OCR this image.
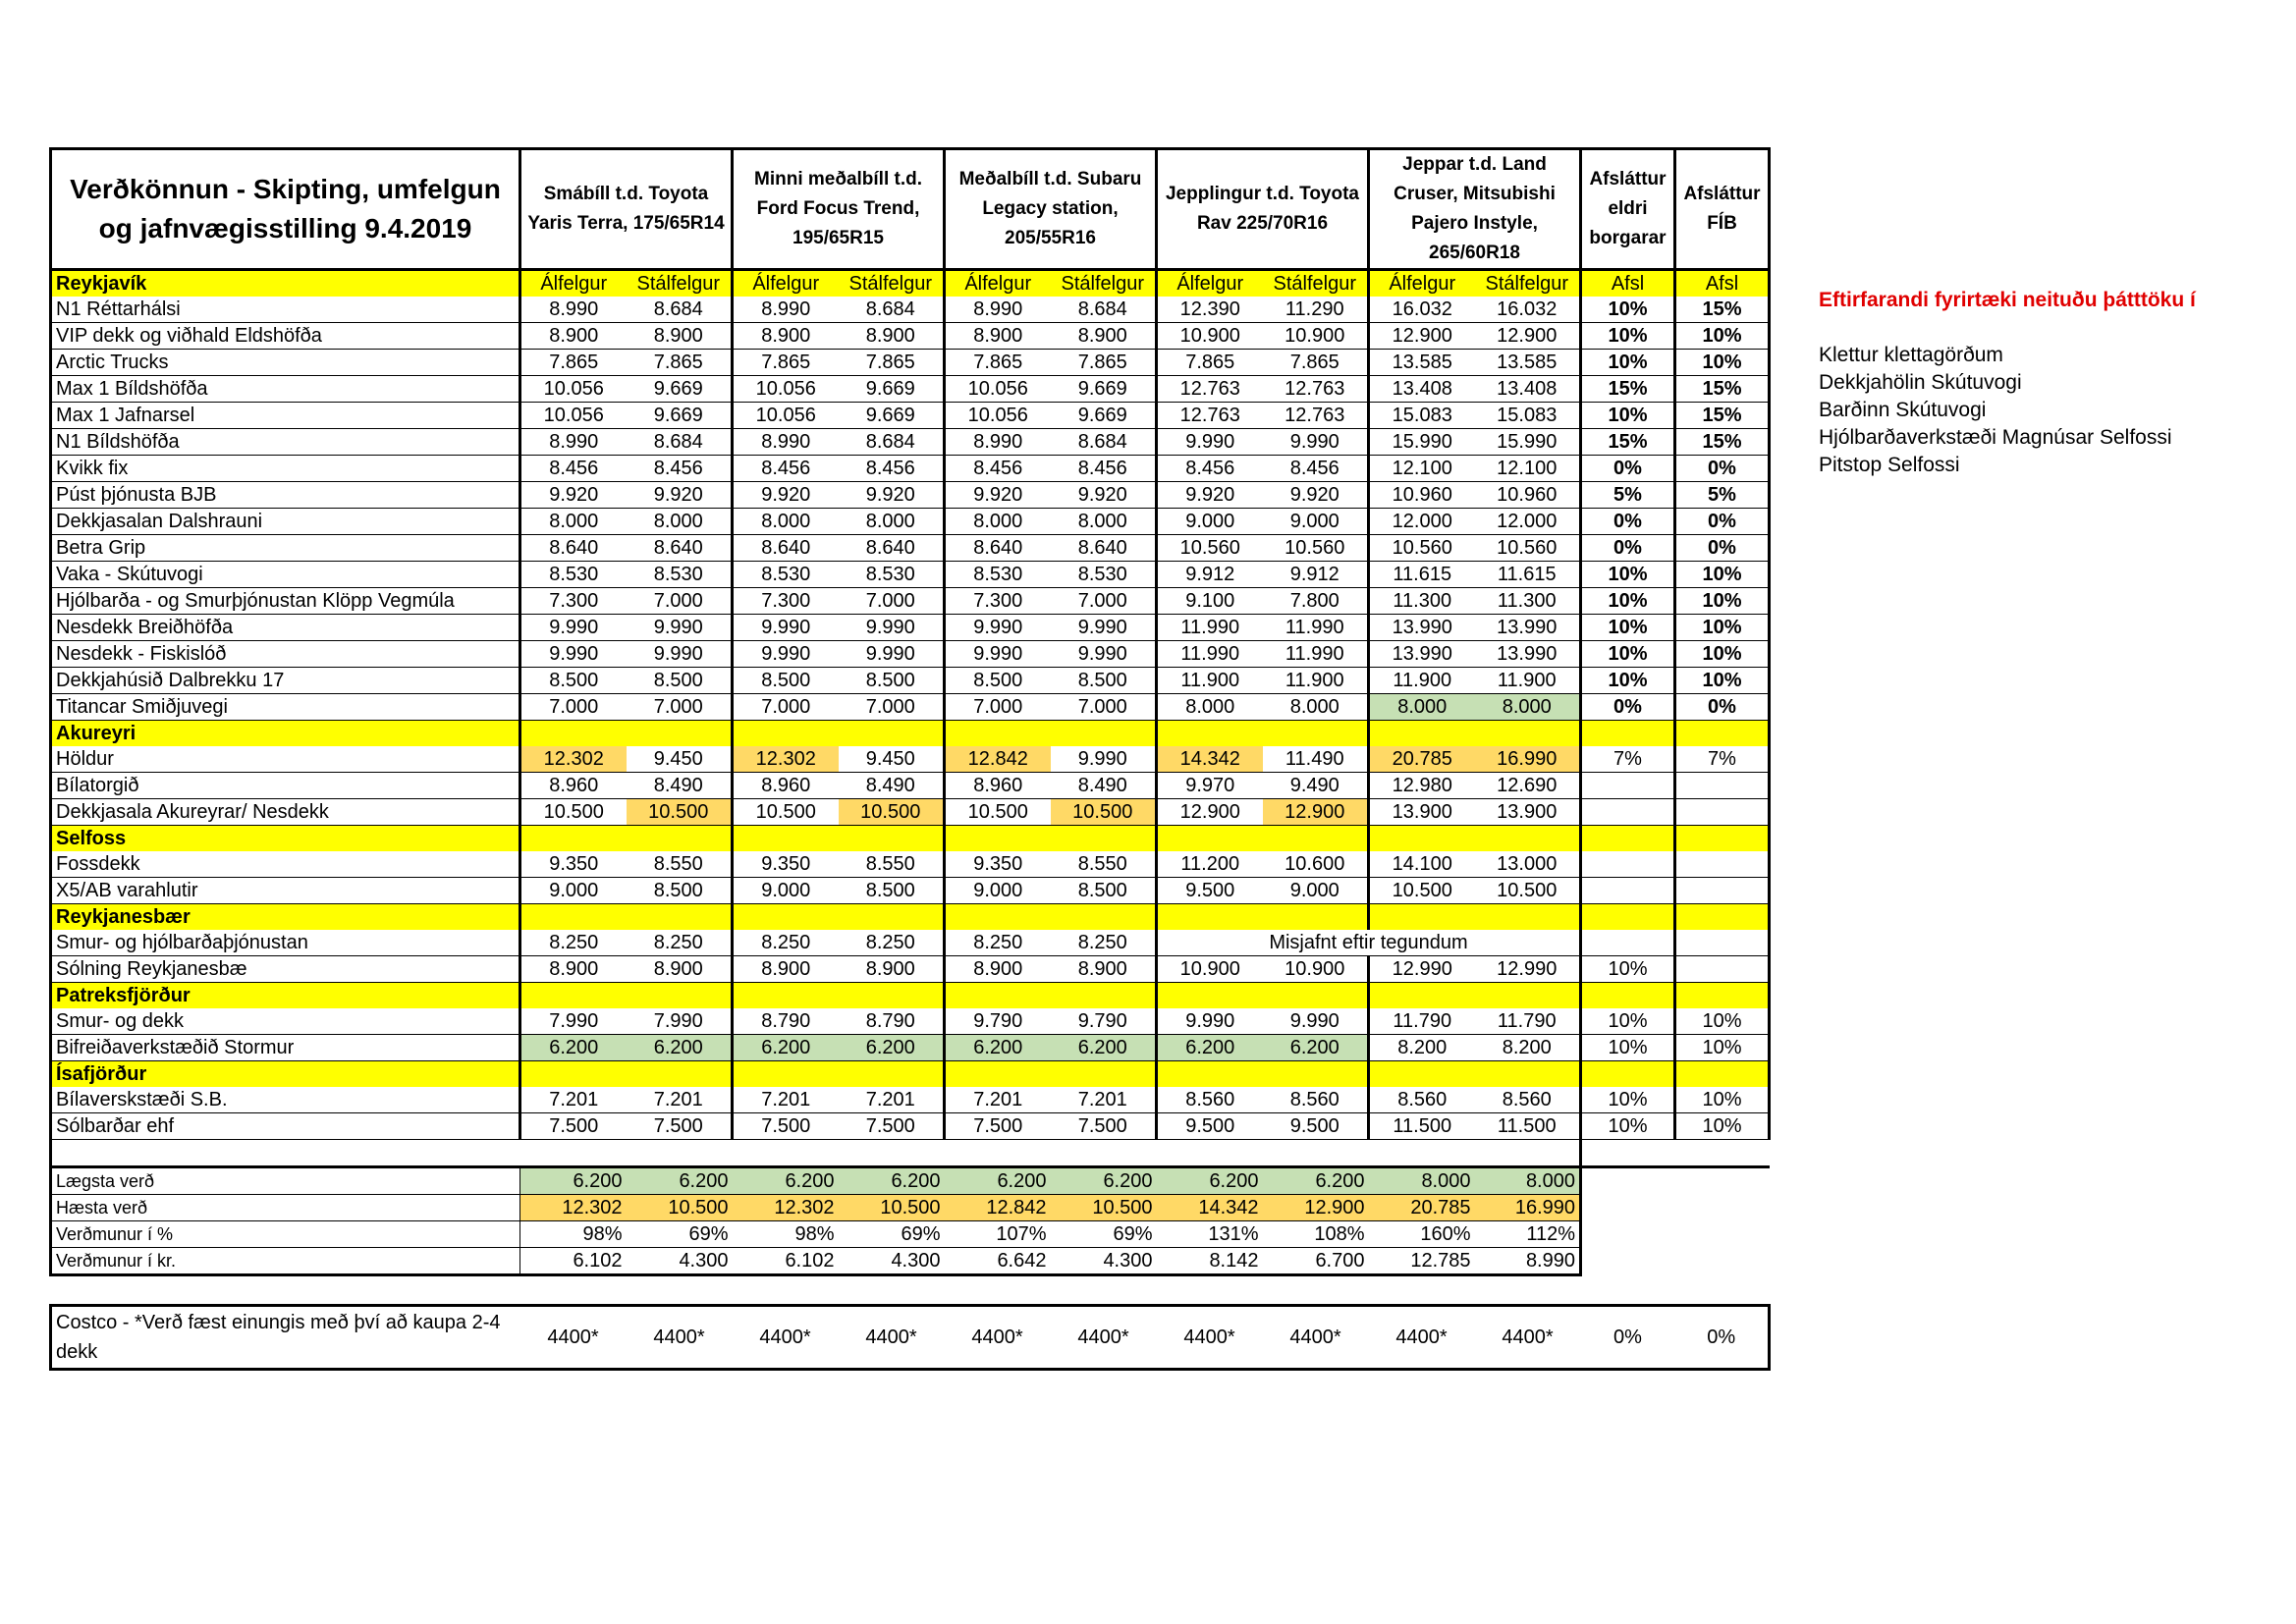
Verðkönnun - Skipting, umfelgun og jafnvægisstilling 9.4.2019	Smábíll t.d. Toyota Yaris Terra, 175/65R14		Minni meðalbíll t.d. Ford Focus Trend, 195/65R15		Meðalbíll t.d. Subaru Legacy station, 205/55R16		Jepplingur t.d. Toyota Rav 225/70R16		Jeppar t.d. Land Cruser, Mitsubishi Pajero Instyle, 265/60R18		Afsláttur eldri borgarar	Afsláttur FÍB
Reykjavík	Álfelgur	Stálfelgur	Álfelgur	Stálfelgur	Álfelgur	Stálfelgur	Álfelgur	Stálfelgur	Álfelgur	Stálfelgur	Afsl	Afsl
N1 Réttarhálsi	8.990	8.684	8.990	8.684	8.990	8.684	12.390	11.290	16.032	16.032	10%	15%
VIP dekk og viðhald Eldshöfða	8.900	8.900	8.900	8.900	8.900	8.900	10.900	10.900	12.900	12.900	10%	10%
Arctic Trucks	7.865	7.865	7.865	7.865	7.865	7.865	7.865	7.865	13.585	13.585	10%	10%
Max 1 Bíldshöfða	10.056	9.669	10.056	9.669	10.056	9.669	12.763	12.763	13.408	13.408	15%	15%
Max 1 Jafnarsel	10.056	9.669	10.056	9.669	10.056	9.669	12.763	12.763	15.083	15.083	10%	15%
N1 Bíldshöfða	8.990	8.684	8.990	8.684	8.990	8.684	9.990	9.990	15.990	15.990	15%	15%
Kvikk fix	8.456	8.456	8.456	8.456	8.456	8.456	8.456	8.456	12.100	12.100	0%	0%
Púst þjónusta BJB	9.920	9.920	9.920	9.920	9.920	9.920	9.920	9.920	10.960	10.960	5%	5%
Dekkjasalan Dalshrauni	8.000	8.000	8.000	8.000	8.000	8.000	9.000	9.000	12.000	12.000	0%	0%
Betra Grip	8.640	8.640	8.640	8.640	8.640	8.640	10.560	10.560	10.560	10.560	0%	0%
Vaka - Skútuvogi	8.530	8.530	8.530	8.530	8.530	8.530	9.912	9.912	11.615	11.615	10%	10%
Hjólbarða - og Smurþjónustan Klöpp Vegmúla	7.300	7.000	7.300	7.000	7.300	7.000	9.100	7.800	11.300	11.300	10%	10%
Nesdekk Breiðhöfða	9.990	9.990	9.990	9.990	9.990	9.990	11.990	11.990	13.990	13.990	10%	10%
Nesdekk - Fiskislóð	9.990	9.990	9.990	9.990	9.990	9.990	11.990	11.990	13.990	13.990	10%	10%
Dekkjahúsið Dalbrekku 17	8.500	8.500	8.500	8.500	8.500	8.500	11.900	11.900	11.900	11.900	10%	10%
Titancar Smiðjuvegi	7.000	7.000	7.000	7.000	7.000	7.000	8.000	8.000	8.000	8.000	0%	0%
Akureyri												
Höldur	12.302	9.450	12.302	9.450	12.842	9.990	14.342	11.490	20.785	16.990	7%	7%
Bílatorgið	8.960	8.490	8.960	8.490	8.960	8.490	9.970	9.490	12.980	12.690		
Dekkjasala Akureyrar/ Nesdekk	10.500	10.500	10.500	10.500	10.500	10.500	12.900	12.900	13.900	13.900		
Selfoss												
Fossdekk	9.350	8.550	9.350	8.550	9.350	8.550	11.200	10.600	14.100	13.000		
X5/AB varahlutir	9.000	8.500	9.000	8.500	9.000	8.500	9.500	9.000	10.500	10.500		
Reykjanesbær												
Smur- og hjólbarðaþjónustan	8.250	8.250	8.250	8.250	8.250	8.250	Misjafnt eftir tegundum					
Sólning Reykjanesbæ	8.900	8.900	8.900	8.900	8.900	8.900	10.900	10.900	12.990	12.990	10%	
Patreksfjörður												
Smur- og dekk	7.990	7.990	8.790	8.790	9.790	9.790	9.990	9.990	11.790	11.790	10%	10%
Bifreiðaverkstæðið Stormur	6.200	6.200	6.200	6.200	6.200	6.200	6.200	6.200	8.200	8.200	10%	10%
Ísafjörður												
Bílaverskstæði S.B.	7.201	7.201	7.201	7.201	7.201	7.201	8.560	8.560	8.560	8.560	10%	10%
Sólbarðar ehf	7.500	7.500	7.500	7.500	7.500	7.500	9.500	9.500	11.500	11.500	10%	10%

Lægsta verð	6.200	6.200	6.200	6.200	6.200	6.200	6.200	6.200	8.000	8.000		
Hæsta verð	12.302	10.500	12.302	10.500	12.842	10.500	14.342	12.900	20.785	16.990		
Verðmunur í %	98%	69%	98%	69%	107%	69%	131%	108%	160%	112%		
Verðmunur í kr.	6.102	4.300	6.102	4.300	6.642	4.300	8.142	6.700	12.785	8.990		

Costco - *Verð fæst einungis með því að kaupa 2-4 dekk	4400*	4400*	4400*	4400*	4400*	4400*	4400*	4400*	4400*	4400*	0%	0%
Eftirfarandi fyrirtæki neituðu þátttöku í
Klettur klettagörðum
Dekkjahölin Skútuvogi
Barðinn Skútuvogi
Hjólbarðaverkstæði Magnúsar Selfossi
Pitstop Selfossi
